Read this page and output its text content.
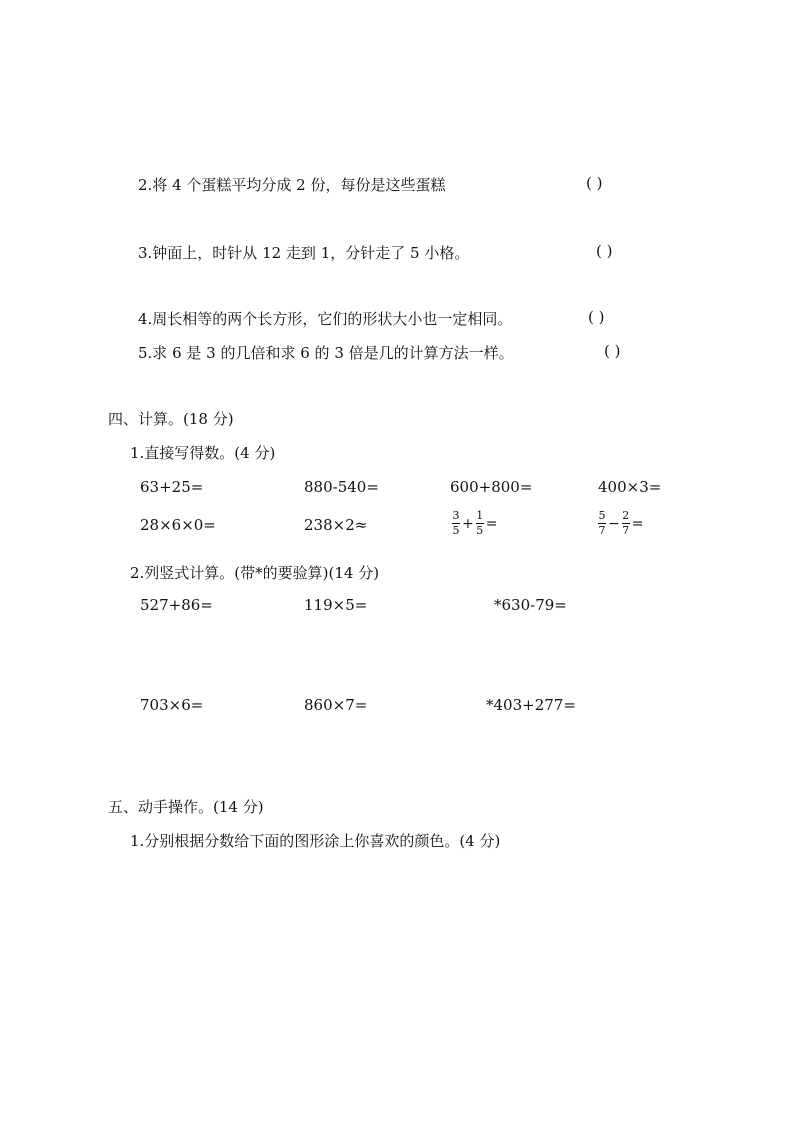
2.将 4 个蛋糕平均分成 2 份，每份是这些蛋糕	( )
3.钟面上，时针从 12 走到 1，分针走了 5 小格。	( )
4.周长相等的两个长方形，它们的形状大小也一定相同。	( )
5.求 6 是 3 的几倍和求 6 的 3 倍是几的计算方法一样。	( )
四、计算。(18 分)
1.直接写得数。(4 分)
63+25=	880-540=	600+800=	400×3=
28×6×0=	238×2≈	$\frac{3}{5} + \frac{1}{5}$ =	$\frac{5}{7} - \frac{2}{7}$ =
2.列竖式计算。(带*的要验算)(14 分)
527+86=	119×5=	*630-79=
703×6=	860×7=	*403+277=
五、动手操作。(14 分)
1.分别根据分数给下面的图形涂上你喜欢的颜色。(4 分)
